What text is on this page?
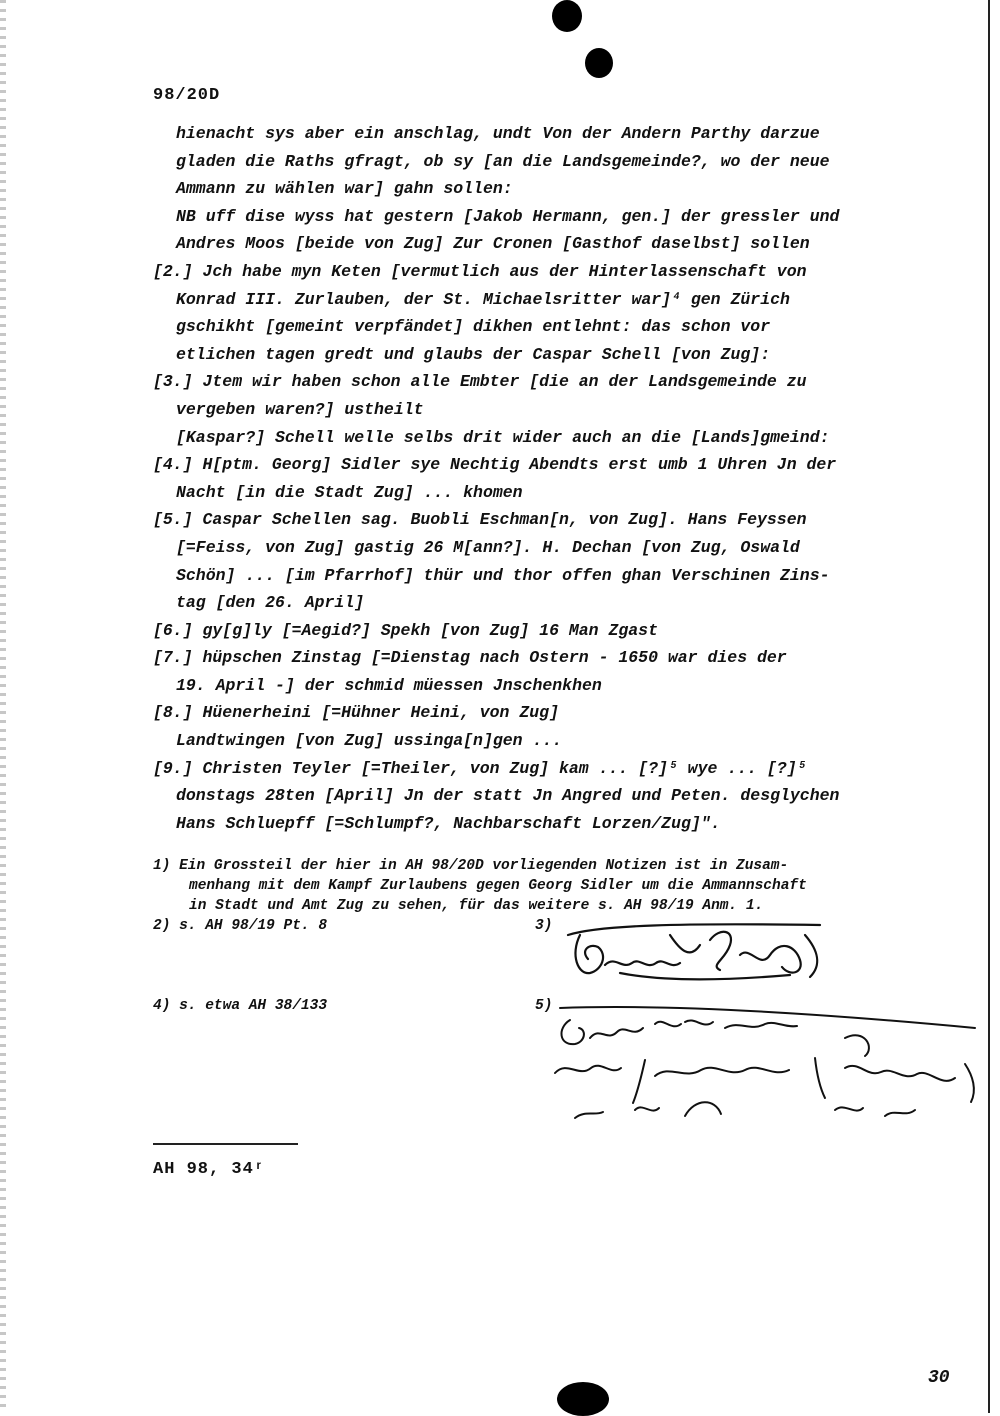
98/20D
hienacht sys aber ein anschlag, undt Von der Andern Parthy darzue
gladen die Raths gfragt, ob sy [an die Landsgemeinde?, wo der neue
Ammann zu wählen war] gahn sollen:
NB uff dise wyss hat gestern [Jakob Hermann, gen.] der gressler und
Andres Moos [beide von Zug] Zur Cronen [Gasthof daselbst] sollen
[2.] Jch habe myn Keten [vermutlich aus der Hinterlassenschaft von
Konrad III. Zurlauben, der St. Michaelsritter war]⁴ gen Zürich
gschikht [gemeint verpfändet] dikhen entlehnt: das schon vor
etlichen tagen gredt und glaubs der Caspar Schell [von Zug]:
[3.] Jtem wir haben schon alle Embter [die an der Landsgemeinde zu
vergeben waren?] ustheilt
[Kaspar?] Schell welle selbs drit wider auch an die [Lands]gmeind:
[4.] H[ptm. Georg] Sidler sye Nechtig Abendts erst umb 1 Uhren Jn der
Nacht [in die Stadt Zug] ... khomen
[5.] Caspar Schellen sag. Buobli Eschman[n, von Zug]. Hans Feyssen
[=Feiss, von Zug] gastig 26 M[ann?]. H. Dechan [von Zug, Oswald
Schön] ... [im Pfarrhof] thür und thor offen ghan Verschinen Zins-
tag [den 26. April]
[6.] gy[g]ly [=Aegid?] Spekh [von Zug] 16 Man Zgast
[7.] hüpschen Zinstag [=Dienstag nach Ostern - 1650 war dies der
19. April -] der schmid müessen Jnschenkhen
[8.] Hüenerheini [=Hühner Heini, von Zug]
Landtwingen [von Zug] ussinga[n]gen ...
[9.] Christen Teyler [=Theiler, von Zug] kam ... [?]⁵ wye ... [?]⁵
donstags 28ten [April] Jn der statt Jn Angred und Peten. desglychen
Hans Schluepff [=Schlumpf?, Nachbarschaft Lorzen/Zug]".
1) Ein Grossteil der hier in AH 98/20D vorliegenden Notizen ist in Zusam-
menhang mit dem Kampf Zurlaubens gegen Georg Sidler um die Ammannschaft
in Stadt und Amt Zug zu sehen, für das weitere s. AH 98/19 Anm. 1.
2) s. AH 98/19 Pt. 8	3)
4) s. etwa AH 38/133	5)
AH 98, 34ʳ
30
